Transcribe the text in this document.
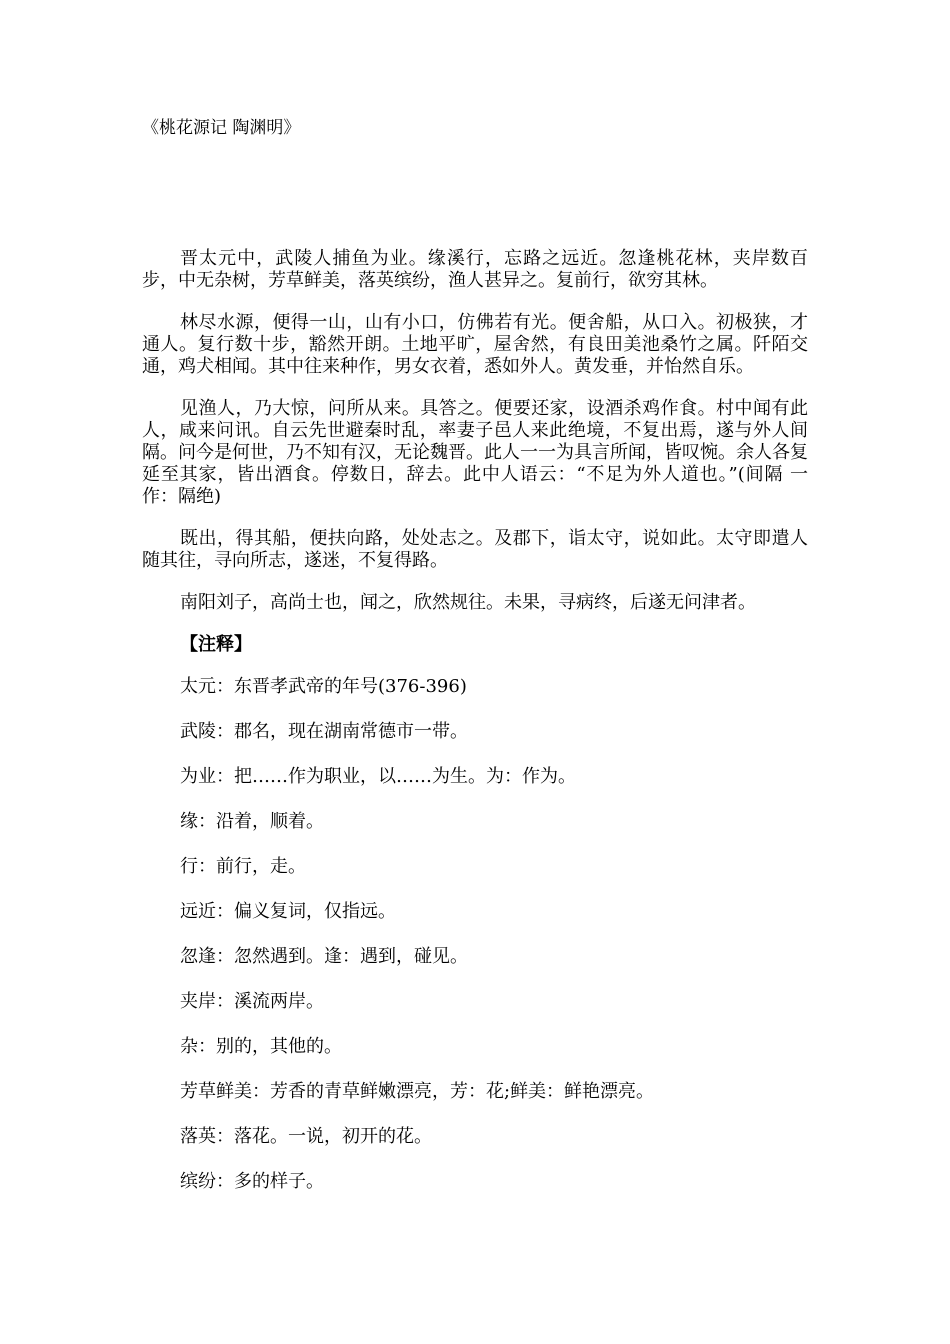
《桃花源记 陶渊明》

晋太元中，武陵人捕鱼为业。缘溪行，忘路之远近。忽逢桃花林，夹岸数百步，中无杂树，芳草鲜美，落英缤纷，渔人甚异之。复前行，欲穷其林。

林尽水源，便得一山，山有小口，仿佛若有光。便舍船，从口入。初极狭，才通人。复行数十步，豁然开朗。土地平旷，屋舍然，有良田美池桑竹之属。阡陌交通，鸡犬相闻。其中往来种作，男女衣着，悉如外人。黄发垂，并怡然自乐。

见渔人，乃大惊，问所从来。具答之。便要还家，设酒杀鸡作食。村中闻有此人，咸来问讯。自云先世避秦时乱，率妻子邑人来此绝境，不复出焉，遂与外人间隔。问今是何世，乃不知有汉，无论魏晋。此人一一为具言所闻，皆叹惋。余人各复延至其家，皆出酒食。停数日，辞去。此中人语云：“不足为外人道也。”(间隔 一作：隔绝)

既出，得其船，便扶向路，处处志之。及郡下，诣太守，说如此。太守即遣人随其往，寻向所志，遂迷，不复得路。

南阳刘子，高尚士也，闻之，欣然规往。未果，寻病终，后遂无问津者。

【注释】
太元：东晋孝武帝的年号(376-396)
武陵：郡名，现在湖南常德市一带。
为业：把……作为职业，以……为生。为：作为。
缘：沿着，顺着。
行：前行，走。
远近：偏义复词，仅指远。
忽逢：忽然遇到。逢：遇到，碰见。
夹岸：溪流两岸。
杂：别的，其他的。
芳草鲜美：芳香的青草鲜嫩漂亮，芳：花;鲜美：鲜艳漂亮。
落英：落花。一说，初开的花。
缤纷：多的样子。
